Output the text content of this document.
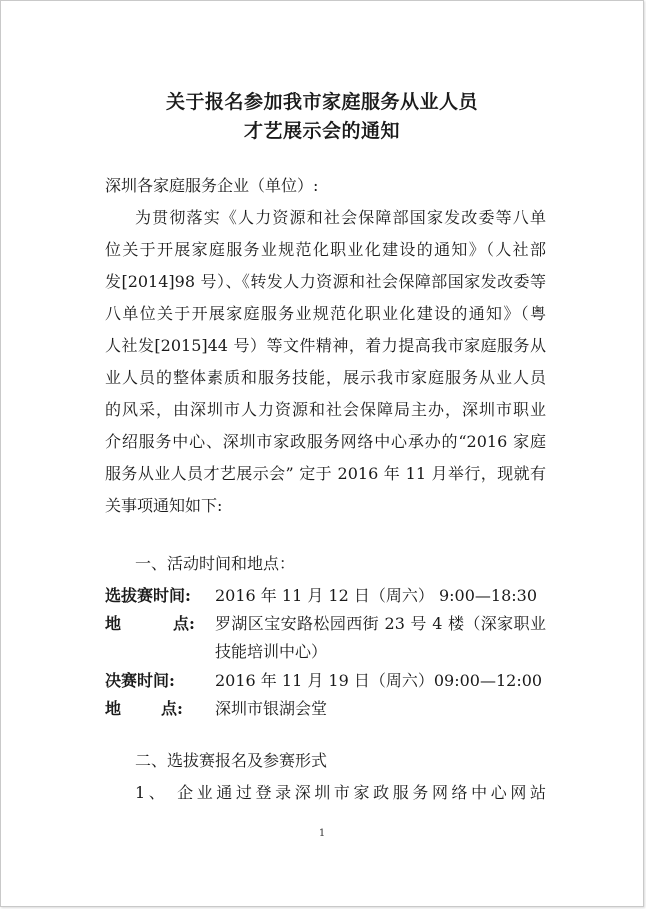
关于报名参加我市家庭服务从业人员
才艺展示会的通知
深圳各家庭服务企业（单位）:
为贯彻落实《人力资源和社会保障部国家发改委等八单
位关于开展家庭服务业规范化职业化建设的通知》（人社部
发[2014]98 号）、《转发人力资源和社会保障部国家发改委等
八单位关于开展家庭服务业规范化职业化建设的通知》（粤
人社发[2015]44 号）等文件精神，着力提高我市家庭服务从
业人员的整体素质和服务技能，展示我市家庭服务从业人员
的风采，由深圳市人力资源和社会保障局主办，深圳市职业
介绍服务中心、深圳市家政服务网络中心承办的“2016 家庭
服务从业人员才艺展示会” 定于 2016 年 11 月举行，现就有
关事项通知如下:
一、活动时间和地点：
选拔赛时间: 2016 年 11 月 12 日（周六） 9:00—18:30
地	点: 罗湖区宝安路松园西街 23 号 4 楼（深家职业
技能培训中心）
决赛时间:	2016 年 11 月 19 日（周六）09:00—12:00
地 点: 深圳市银湖会堂
二、选拔赛报名及参赛形式
1、 企业通过登录深圳市家政服务网络中心网站
1
